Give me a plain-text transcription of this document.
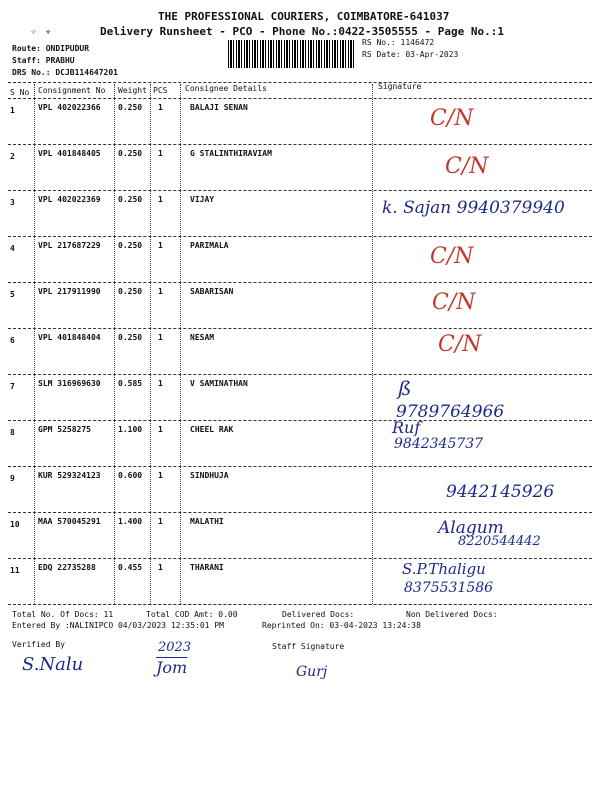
✧ ✦
THE PROFESSIONAL COURIERS, COIMBATORE-641037
Delivery Runsheet - PCO - Phone No.:0422-3505555 - Page No.:1
Route: ONDIPUDUR
Staff: PRABHU
DRS No.: DCJB114647201
RS No.: 1146472
RS Date: 03-Apr-2023
S No Consignment No Weight PCS Consignee Details	Signature
1	VPL 402022366 0.250 1	BALAJI SENAN	C/N
2	VPL 401848405 0.250 1	G STALINTHIRAVIAM
C/N
3	VPL 402022369 0.250 1	VIJAY	k. Sajan 9940379940
4	VPL 217687229 0.250 1	PARIMALA	C/N
5	VPL 217911990 0.250 1	SABARISAN	C/N
6	VPL 401848404 0.250 1	NESAM	C/N
7	SLM 316969630 0.585 1	V SAMINATHAN	ß
9789764966
8	GPM 5258275	1.100 1	CHEEL RAK	Ruf
9842345737
9	KUR 529324123 0.600 1	SINDHUJA
9442145926
10 MAA 570045291 1.400 1	MALATHI	Alagum
8220544442
11 EDQ 22735288	0.455 1	THARANI	S.P.Thaligu
8375531586
Total No. Of Docs: 11	Total COD Amt: 0.00	Delivered Docs:	Non Delivered Docs:
Entered By :NALINIPCO 04/03/2023 12:35:01 PM	Reprinted On: 03-04-2023 13:24:38
Verified By	Staff Signature
S.Nalu
2023
$\overline{Jom}$	Gurj
